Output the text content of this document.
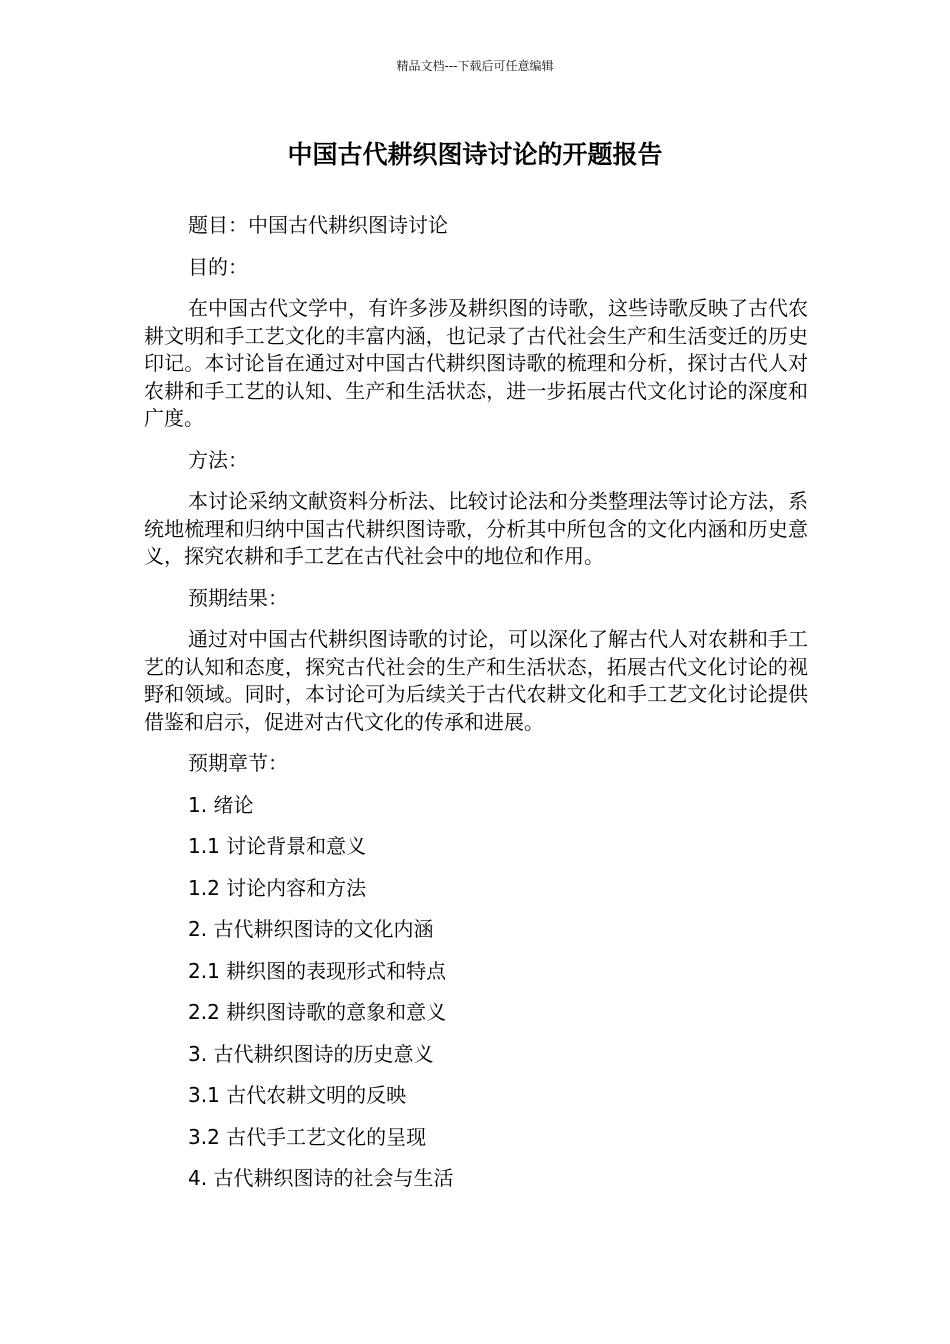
精品文档---下载后可任意编辑
中国古代耕织图诗讨论的开题报告

题目：中国古代耕织图诗讨论

目的：

在中国古代文学中，有许多涉及耕织图的诗歌，这些诗歌反映了古代农耕文明和手工艺文化的丰富内涵，也记录了古代社会生产和生活变迁的历史印记。本讨论旨在通过对中国古代耕织图诗歌的梳理和分析，探讨古代人对农耕和手工艺的认知、生产和生活状态，进一步拓展古代文化讨论的深度和广度。

方法：

本讨论采纳文献资料分析法、比较讨论法和分类整理法等讨论方法，系统地梳理和归纳中国古代耕织图诗歌，分析其中所包含的文化内涵和历史意义，探究农耕和手工艺在古代社会中的地位和作用。

预期结果：

通过对中国古代耕织图诗歌的讨论，可以深化了解古代人对农耕和手工艺的认知和态度，探究古代社会的生产和生活状态，拓展古代文化讨论的视野和领域。同时，本讨论可为后续关于古代农耕文化和手工艺文化讨论提供借鉴和启示，促进对古代文化的传承和进展。

预期章节：

1. 绪论
1.1 讨论背景和意义
1.2 讨论内容和方法
2. 古代耕织图诗的文化内涵
2.1 耕织图的表现形式和特点
2.2 耕织图诗歌的意象和意义
3. 古代耕织图诗的历史意义
3.1 古代农耕文明的反映
3.2 古代手工艺文化的呈现
4. 古代耕织图诗的社会与生活
